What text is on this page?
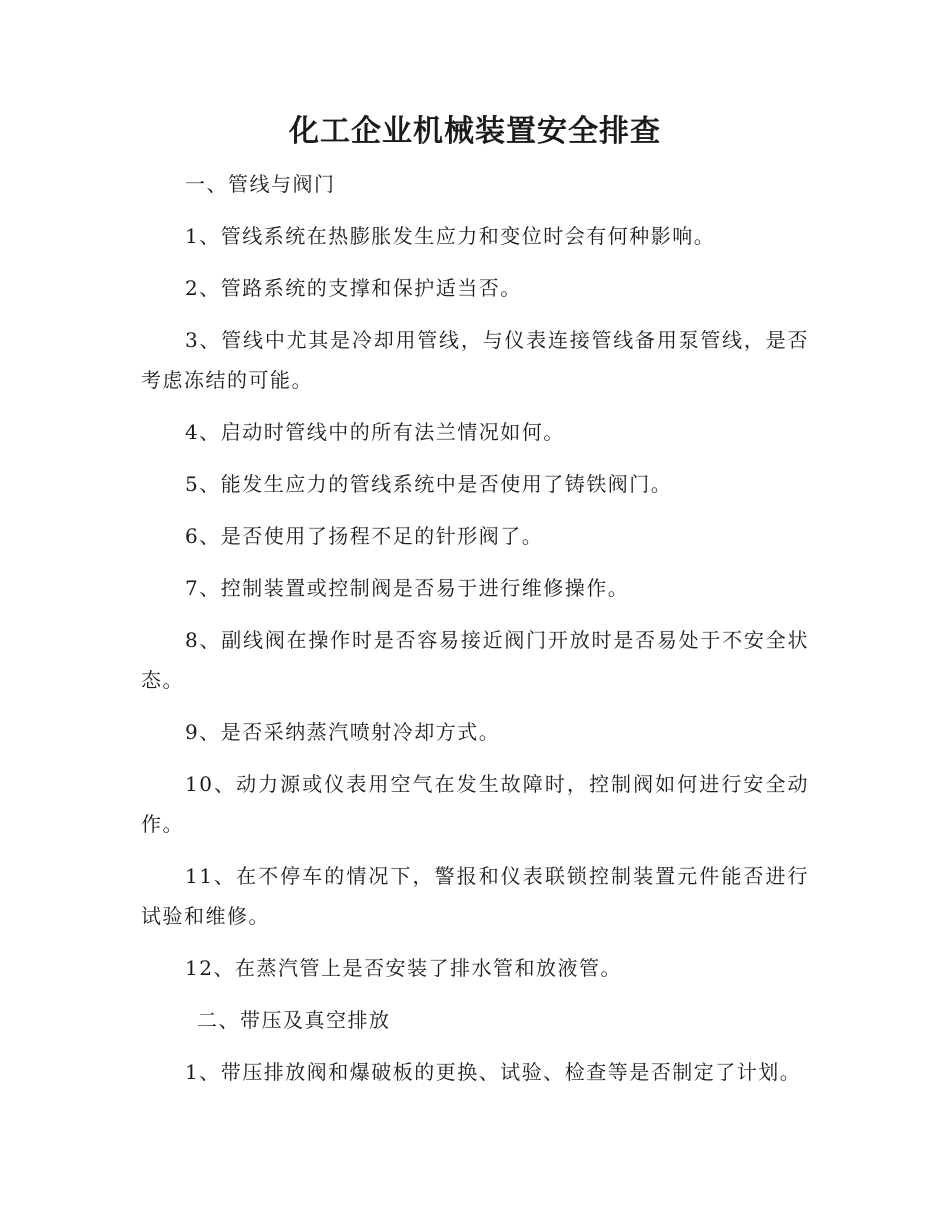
化工企业机械装置安全排查

一、管线与阀门

1、管线系统在热膨胀发生应力和变位时会有何种影响。

2、管路系统的支撑和保护适当否。

3、管线中尤其是冷却用管线，与仪表连接管线备用泵管线，是否考虑冻结的可能。

4、启动时管线中的所有法兰情况如何。

5、能发生应力的管线系统中是否使用了铸铁阀门。

6、是否使用了扬程不足的针形阀了。

7、控制装置或控制阀是否易于进行维修操作。

8、副线阀在操作时是否容易接近阀门开放时是否易处于不安全状态。

9、是否采纳蒸汽喷射冷却方式。

10、动力源或仪表用空气在发生故障时，控制阀如何进行安全动作。

11、在不停车的情况下，警报和仪表联锁控制装置元件能否进行试验和维修。

12、在蒸汽管上是否安装了排水管和放液管。

二、带压及真空排放

1、带压排放阀和爆破板的更换、试验、检查等是否制定了计划。
